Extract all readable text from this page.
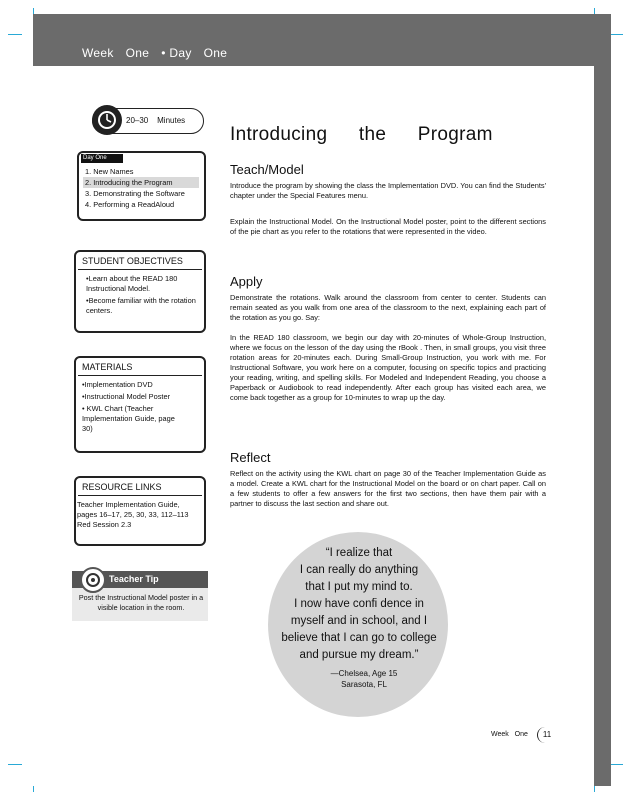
Week One • Day One
20–30 Minutes
Day One
1. New Names
2. Introducing the Program
3. Demonstrating the Software
4. Performing a ReadAloud
STUDENT OBJECTIVES
•Learn about the READ 180 Instructional Model.
•Become familiar with the rotation centers.
MATERIALS
•Implementation DVD
•Instructional Model Poster
• KWL Chart (Teacher Implementation Guide, page 30)
RESOURCE LINKS
Teacher Implementation Guide, pages 16–17, 25, 30, 33, 112–113
Red Session 2.3
Teacher Tip
Post the Instructional Model poster in a visible location in the room.
Introducing the Program
Teach/Model
Introduce the program by showing the class the Implementation DVD. You can find the Students' chapter under the Special Features menu.
Explain the Instructional Model. On the Instructional Model poster, point to the different sections of the pie chart as you refer to the rotations that were represented in the video.
Apply
Demonstrate the rotations. Walk around the classroom from center to center. Students can remain seated as you walk from one area of the classroom to the next, explaining each part of the rotation as you go. Say:
In the READ 180 classroom, we begin our day with 20-minutes of Whole-Group Instruction, where we focus on the lesson of the day using the rBook . Then, in small groups, you visit three rotation areas for 20-minutes each. During Small-Group Instruction, you work with me. For Instructional Software, you work here on a computer, focusing on specific topics and practicing your reading, writing, and spelling skills. For Modeled and Independent Reading, you choose a Paperback or Audiobook to read independently. After each group has visited each area, we come back together as a group for 10-minutes to wrap up the day.
Reflect
Reflect on the activity using the KWL chart on page 30 of the Teacher Implementation Guide as a model. Create a KWL chart for the Instructional Model on the board or on chart paper. Call on a few students to offer a few answers for the first two sections, then have them pair with a partner to discuss the last section and share out.
“I realize that
I can really do anything
that I put my mind to.
I now have confi dence in
myself and in school, and I
believe that I can go to college
and pursue my dream.”
—Chelsea, Age 15
Sarasota, FL
Week One	11
